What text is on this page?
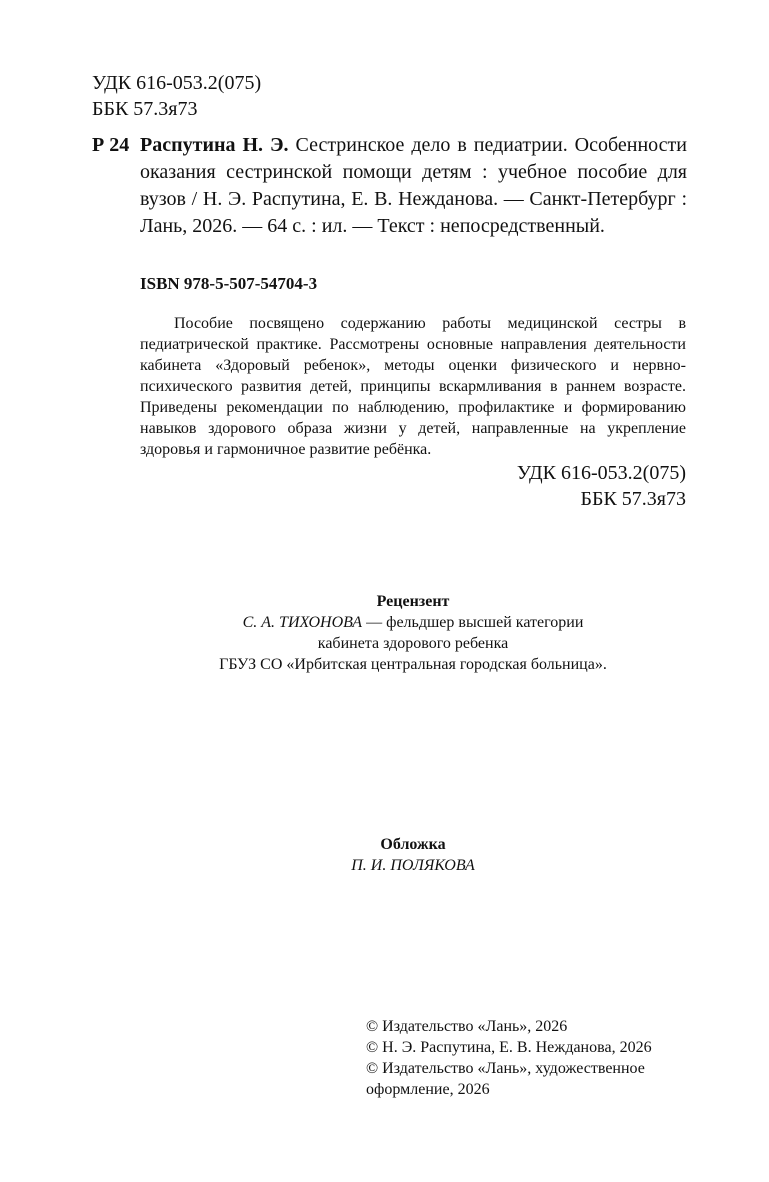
УДК 616-053.2(075)
ББК 57.3я73
Р 24 Распутина Н. Э. Сестринское дело в педиатрии. Особенности оказания сестринской помощи детям : учебное пособие для вузов / Н. Э. Распутина, Е. В. Нежданова. — Санкт-Петербург : Лань, 2026. — 64 с. : ил. — Текст : непосредственный.
ISBN 978-5-507-54704-3
Пособие посвящено содержанию работы медицинской сестры в педиатрической практике. Рассмотрены основные направления деятельности кабинета «Здоровый ребенок», методы оценки физического и нервно-психического развития детей, принципы вскармливания в раннем возрасте. Приведены рекомендации по наблюдению, профилактике и формированию навыков здорового образа жизни у детей, направленные на укрепление здоровья и гармоничное развитие ребёнка.
УДК 616-053.2(075)
ББК 57.3я73
Рецензент
С. А. ТИХОНОВА — фельдшер высшей категории
кабинета здорового ребенка
ГБУЗ СО «Ирбитская центральная городская больница».
Обложка
П. И. ПОЛЯКОВА
© Издательство «Лань», 2026
© Н. Э. Распутина, Е. В. Нежданова, 2026
© Издательство «Лань», художественное
оформление, 2026
